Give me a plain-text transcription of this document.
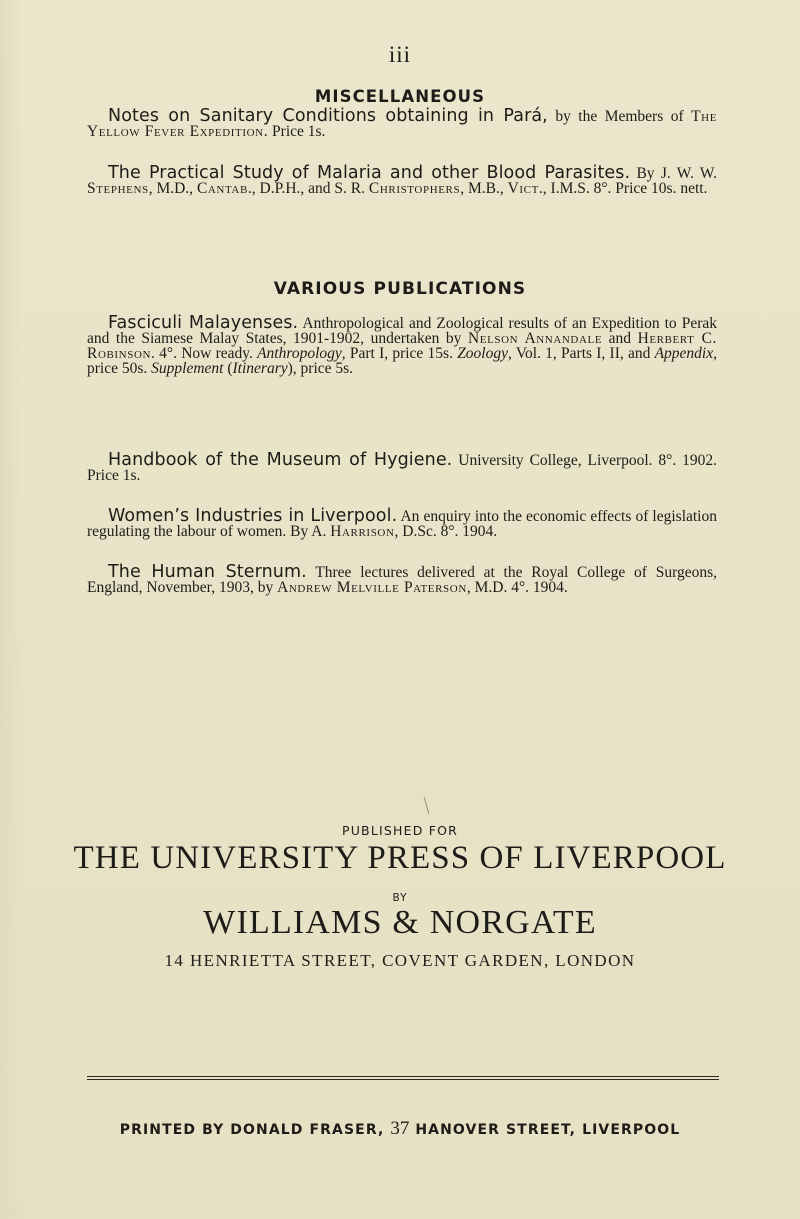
iii
MISCELLANEOUS

Notes on Sanitary Conditions obtaining in Pará, by the Members of The Yellow Fever Expedition. Price 1s.

The Practical Study of Malaria and other Blood Parasites. By J. W. W. Stephens, M.D., Cantab., D.P.H., and S. R. Christophers, M.B., Vict., I.M.S. 8°. Price 10s. nett.

VARIOUS PUBLICATIONS

Fasciculi Malayenses. Anthropological and Zoological results of an Expedition to Perak and the Siamese Malay States, 1901-1902, undertaken by Nelson Annandale and Herbert C. Robinson. 4°. Now ready. Anthropology, Part I, price 15s. Zoology, Vol. 1, Parts I, II, and Appendix, price 50s. Supplement (Itinerary), price 5s.

Handbook of the Museum of Hygiene. University College, Liverpool. 8°. 1902. Price 1s.

Women’s Industries in Liverpool. An enquiry into the economic effects of legislation regulating the labour of women. By A. Harrison, D.Sc. 8°. 1904.

The Human Sternum. Three lectures delivered at the Royal College of Surgeons, England, November, 1903, by Andrew Melville Paterson, M.D. 4°. 1904.

PUBLISHED FOR
THE UNIVERSITY PRESS OF LIVERPOOL
BY
WILLIAMS & NORGATE
14 HENRIETTA STREET, COVENT GARDEN, LONDON
PRINTED BY DONALD FRASER, 37 HANOVER STREET, LIVERPOOL
